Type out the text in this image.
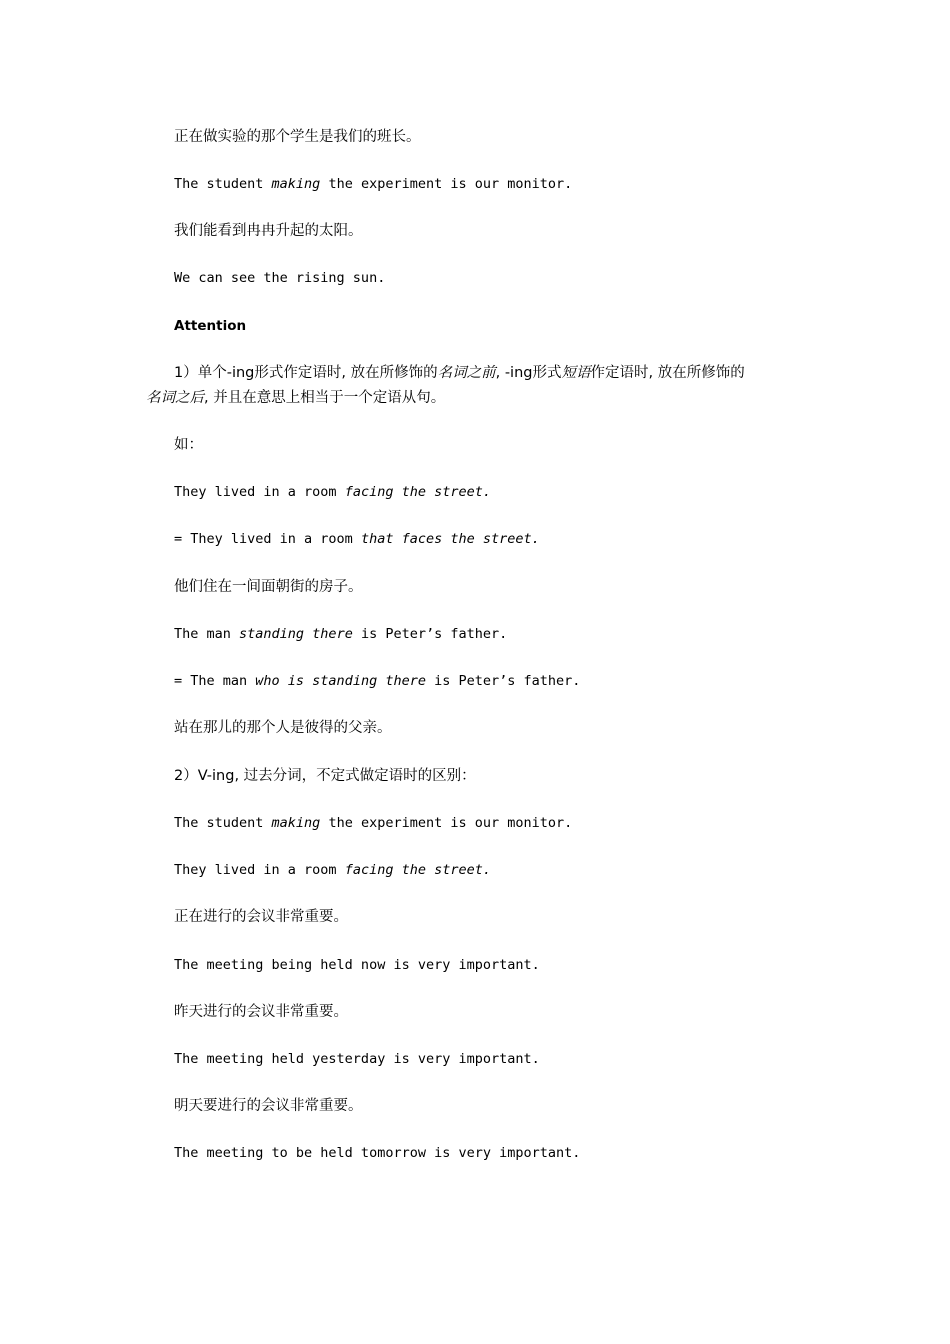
正在做实验的那个学生是我们的班长。
The student making the experiment is our monitor.
我们能看到冉冉升起的太阳。
We can see the rising sun.
Attention
1）单个-ing形式作定语时, 放在所修饰的名词之前, -ing形式短语作定语时, 放在所修饰的
名词之后, 并且在意思上相当于一个定语从句。
如：
They lived in a room facing the street.
= They lived in a room that faces the street.
他们住在一间面朝街的房子。
The man standing there is Peter’s father.
= The man who is standing there is Peter’s father.
站在那儿的那个人是彼得的父亲。
2）V-ing, 过去分词，不定式做定语时的区别：
The student making the experiment is our monitor.
They lived in a room facing the street.
正在进行的会议非常重要。
The meeting being held now is very important.
昨天进行的会议非常重要。
The meeting held yesterday is very important.
明天要进行的会议非常重要。
The meeting to be held tomorrow is very important.
